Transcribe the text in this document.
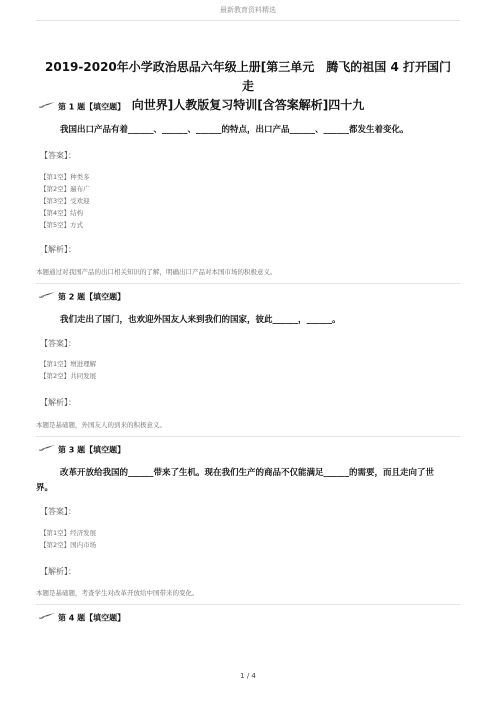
最新教育资料精选
2019-2020年小学政治思品六年级上册[第三单元　腾飞的祖国 4 打开国门 走
向世界]人教版复习特训[含答案解析]四十九
第 1 题【填空题】
我国出口产品有着______、______、______的特点，出口产品______、______都发生着变化。
【答案】：
【第1空】种类多
【第2空】遍布广
【第3空】受欢迎
【第4空】结构
【第5空】方式
【解析】：
本题通过对我国产品的出口相关知识的了解，明确出口产品对本国市场的积极意义。
第 2 题【填空题】
我们走出了国门，也欢迎外国友人来到我们的国家，彼此______，______。
【答案】：
【第1空】增进理解
【第2空】共同发展
【解析】：
本题是基础题，外国友人的到来的积极意义。
第 3 题【填空题】
改革开放给我国的______带来了生机。现在我们生产的商品不仅能满足______的需要，而且走向了世
界。
【答案】：
【第1空】经济发展
【第2空】国内市场
【解析】：
本题是基础题，考查学生对改革开放给中国带来的变化。
第 4 题【填空题】
1 / 4
